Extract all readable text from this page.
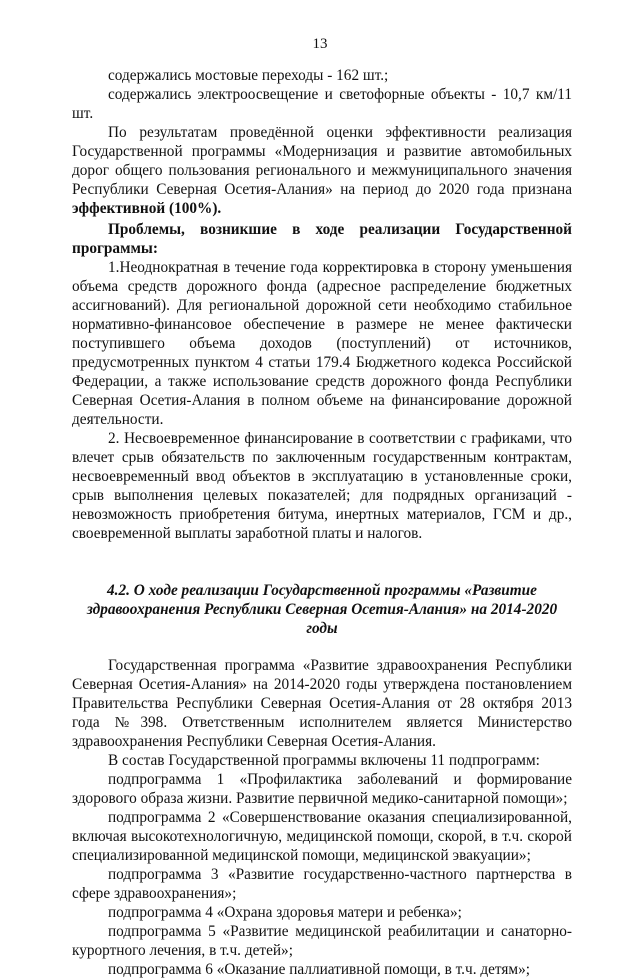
13

содержались мостовые переходы - 162 шт.;

содержались электроосвещение и светофорные объекты - 10,7 км/11 шт.

По результатам проведённой оценки эффективности реализация Государственной программы «Модернизация и развитие автомобильных дорог общего пользования регионального и межмуниципального значения Республики Северная Осетия-Алания» на период до 2020 года признана эффективной (100%).

Проблемы, возникшие в ходе реализации Государственной программы:

1.Неоднократная в течение года корректировка в сторону уменьшения объема средств дорожного фонда (адресное распределение бюджетных ассигнований). Для региональной дорожной сети необходимо стабильное нормативно-финансовое обеспечение в размере не менее фактически поступившего объема доходов (поступлений) от источников, предусмотренных пунктом 4 статьи 179.4 Бюджетного кодекса Российской Федерации, а также использование средств дорожного фонда Республики Северная Осетия-Алания в полном объеме на финансирование дорожной деятельности.

2. Несвоевременное финансирование в соответствии с графиками, что влечет срыв обязательств по заключенным государственным контрактам, несвоевременный ввод объектов в эксплуатацию в установленные сроки, срыв выполнения целевых показателей; для подрядных организаций - невозможность приобретения битума, инертных материалов, ГСМ и др., своевременной выплаты заработной платы и налогов.

4.2. О ходе реализации Государственной программы «Развитие здравоохранения Республики Северная Осетия-Алания» на 2014-2020 годы

Государственная программа «Развитие здравоохранения Республики Северная Осетия-Алания» на 2014-2020 годы утверждена постановлением Правительства Республики Северная Осетия-Алания от 28 октября 2013 года №398. Ответственным исполнителем является Министерство здравоохранения Республики Северная Осетия-Алания.

В состав Государственной программы включены 11 подпрограмм:

подпрограмма 1 «Профилактика заболеваний и формирование здорового образа жизни. Развитие первичной медико-санитарной помощи»;

подпрограмма 2 «Совершенствование оказания специализированной, включая высокотехнологичную, медицинской помощи, скорой, в т.ч. скорой специализированной медицинской помощи, медицинской эвакуации»;

подпрограмма 3 «Развитие государственно-частного партнерства в сфере здравоохранения»;

подпрограмма 4 «Охрана здоровья матери и ребенка»;

подпрограмма 5 «Развитие медицинской реабилитации и санаторно-курортного лечения, в т.ч. детей»;

подпрограмма 6 «Оказание паллиативной помощи, в т.ч. детям»;
